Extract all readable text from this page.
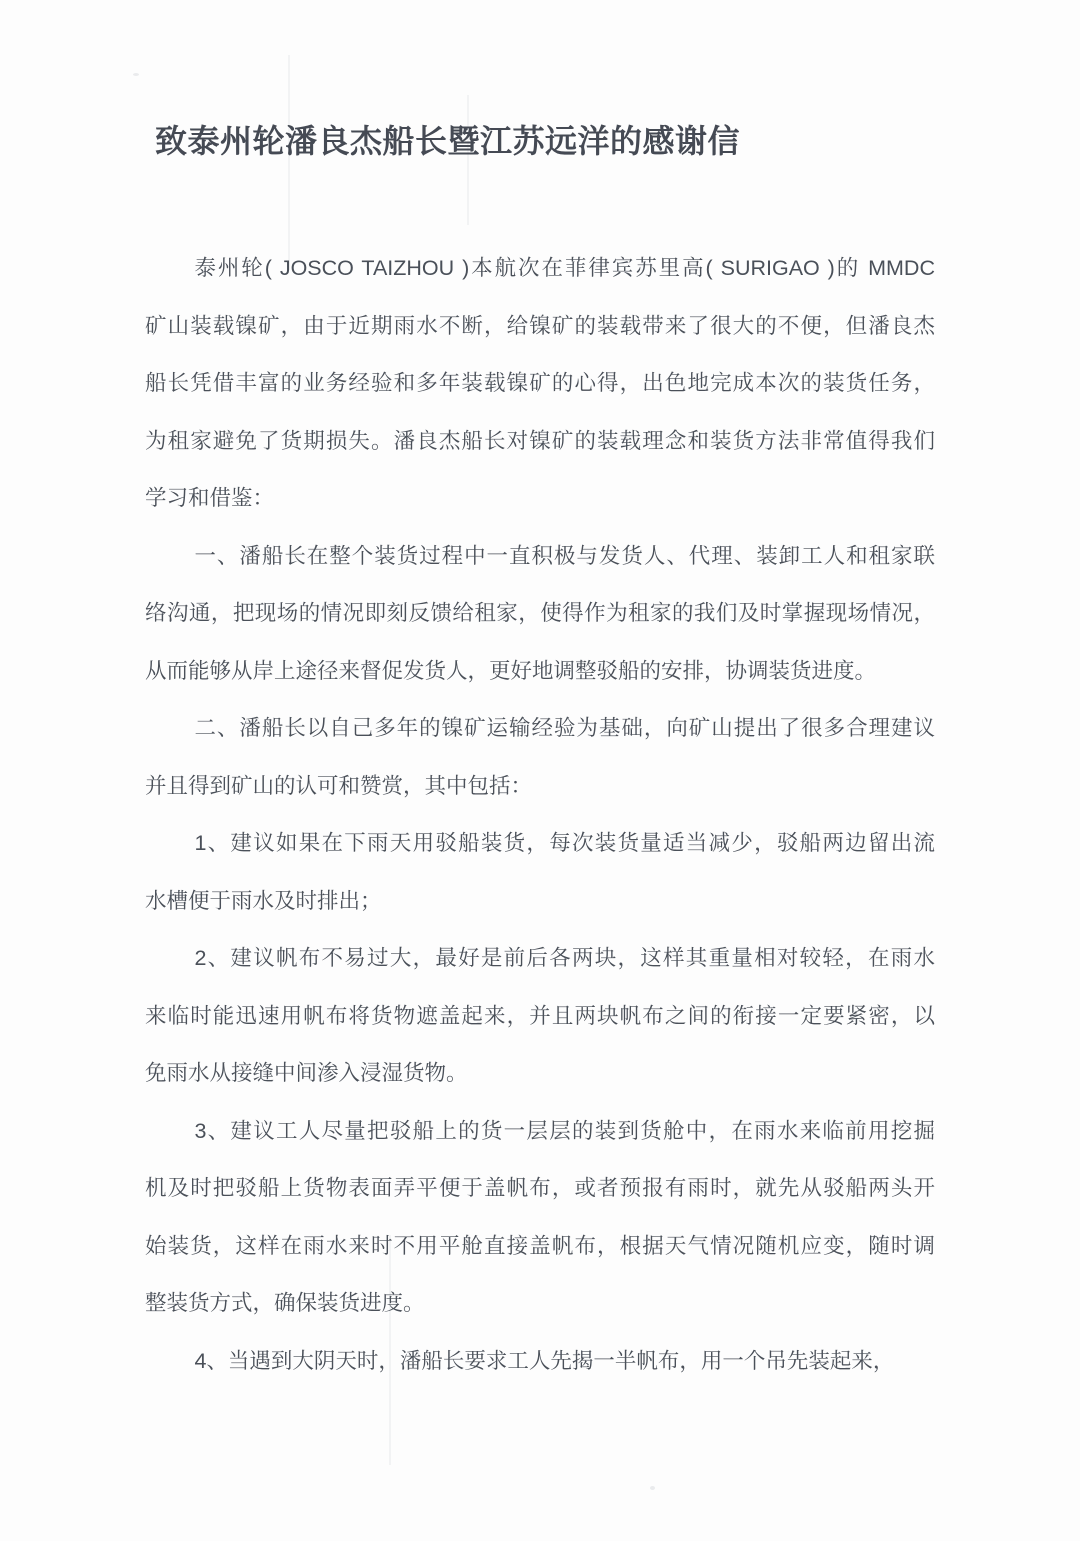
致泰州轮潘良杰船长暨江苏远洋的感谢信
泰州轮( JOSCO TAIZHOU )本航次在菲律宾苏里高( SURIGAO )的 MMDC
矿山装载镍矿，由于近期雨水不断，给镍矿的装载带来了很大的不便，但潘良杰
船长凭借丰富的业务经验和多年装载镍矿的心得，出色地完成本次的装货任务，
为租家避免了货期损失。潘良杰船长对镍矿的装载理念和装货方法非常值得我们
学习和借鉴：
一、潘船长在整个装货过程中一直积极与发货人、代理、装卸工人和租家联
络沟通，把现场的情况即刻反馈给租家，使得作为租家的我们及时掌握现场情况，
从而能够从岸上途径来督促发货人，更好地调整驳船的安排，协调装货进度。
二、潘船长以自己多年的镍矿运输经验为基础，向矿山提出了很多合理建议
并且得到矿山的认可和赞赏，其中包括：
1、建议如果在下雨天用驳船装货，每次装货量适当减少，驳船两边留出流
水槽便于雨水及时排出；
2、建议帆布不易过大，最好是前后各两块，这样其重量相对较轻，在雨水
来临时能迅速用帆布将货物遮盖起来，并且两块帆布之间的衔接一定要紧密，以
免雨水从接缝中间渗入浸湿货物。
3、建议工人尽量把驳船上的货一层层的装到货舱中，在雨水来临前用挖掘
机及时把驳船上货物表面弄平便于盖帆布，或者预报有雨时，就先从驳船两头开
始装货，这样在雨水来时不用平舱直接盖帆布，根据天气情况随机应变，随时调
整装货方式，确保装货进度。
4、当遇到大阴天时，潘船长要求工人先揭一半帆布，用一个吊先装起来，
